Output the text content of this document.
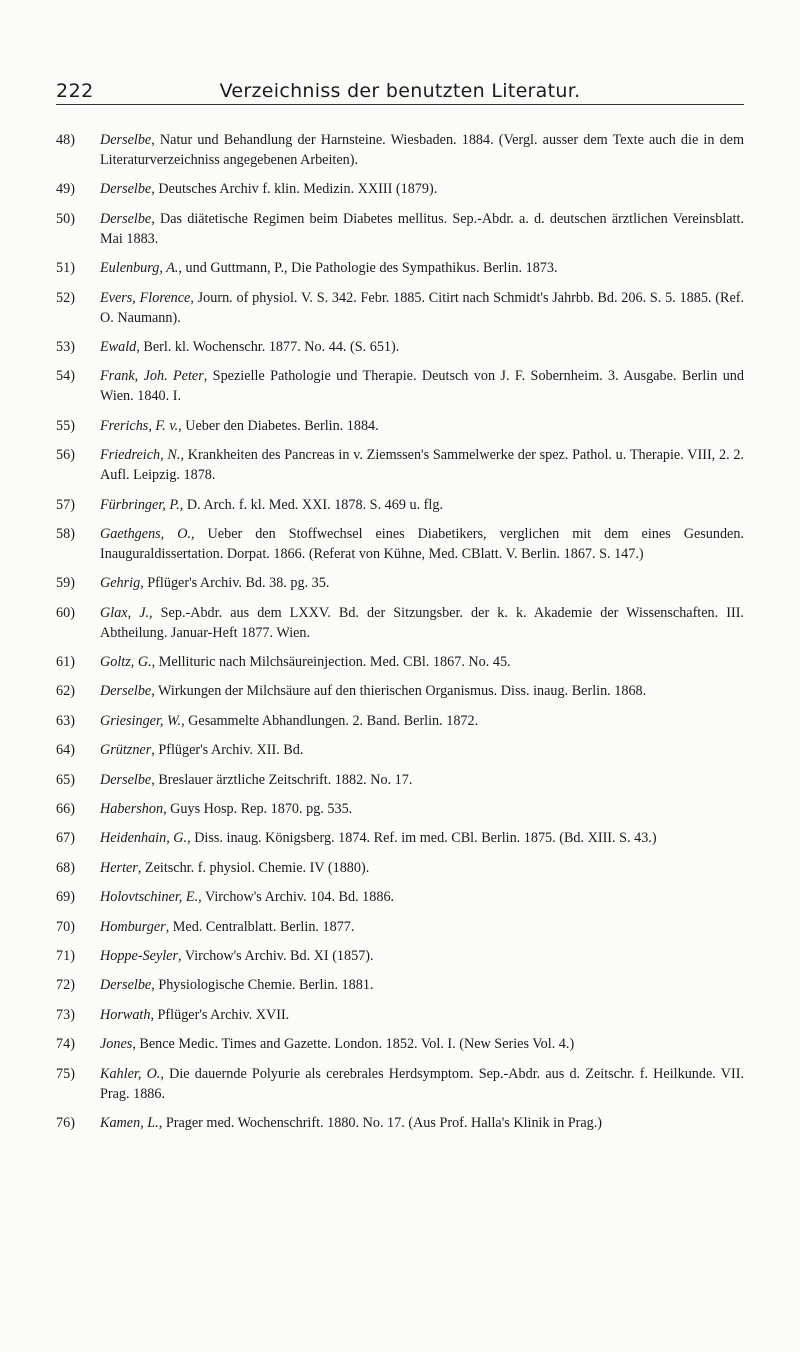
222	Verzeichniss der benutzten Literatur.
48) Derselbe, Natur und Behandlung der Harnsteine. Wiesbaden. 1884. (Vergl. ausser dem Texte auch die in dem Literaturverzeichniss angegebenen Arbeiten).
49) Derselbe, Deutsches Archiv f. klin. Medizin. XXIII (1879).
50) Derselbe, Das diätetische Regimen beim Diabetes mellitus. Sep.-Abdr. a. d. deutschen ärztlichen Vereinsblatt. Mai 1883.
51) Eulenburg, A., und Guttmann, P., Die Pathologie des Sympathikus. Berlin. 1873.
52) Evers, Florence, Journ. of physiol. V. S. 342. Febr. 1885. Citirt nach Schmidt's Jahrbb. Bd. 206. S. 5. 1885. (Ref. O. Naumann).
53) Ewald, Berl. kl. Wochenschr. 1877. No. 44. (S. 651).
54) Frank, Joh. Peter, Spezielle Pathologie und Therapie. Deutsch von J. F. Sobernheim. 3. Ausgabe. Berlin und Wien. 1840. I.
55) Frerichs, F. v., Ueber den Diabetes. Berlin. 1884.
56) Friedreich, N., Krankheiten des Pancreas in v. Ziemssen's Sammelwerke der spez. Pathol. u. Therapie. VIII, 2. 2. Aufl. Leipzig. 1878.
57) Fürbringer, P., D. Arch. f. kl. Med. XXI. 1878. S. 469 u. flg.
58) Gaethgens, O., Ueber den Stoffwechsel eines Diabetikers, verglichen mit dem eines Gesunden. Inauguraldissertation. Dorpat. 1866. (Referat von Kühne, Med. CBlatt. V. Berlin. 1867. S. 147.)
59) Gehrig, Pflüger's Archiv. Bd. 38. pg. 35.
60) Glax, J., Sep.-Abdr. aus dem LXXV. Bd. der Sitzungsber. der k. k. Akademie der Wissenschaften. III. Abtheilung. Januar-Heft 1877. Wien.
61) Goltz, G., Mellituric nach Milchsäureinjection. Med. CBl. 1867. No. 45.
62) Derselbe, Wirkungen der Milchsäure auf den thierischen Organismus. Diss. inaug. Berlin. 1868.
63) Griesinger, W., Gesammelte Abhandlungen. 2. Band. Berlin. 1872.
64) Grützner, Pflüger's Archiv. XII. Bd.
65) Derselbe, Breslauer ärztliche Zeitschrift. 1882. No. 17.
66) Habershon, Guys Hosp. Rep. 1870. pg. 535.
67) Heidenhain, G., Diss. inaug. Königsberg. 1874. Ref. im med. CBl. Berlin. 1875. (Bd. XIII. S. 43.)
68) Herter, Zeitschr. f. physiol. Chemie. IV (1880).
69) Holovtschiner, E., Virchow's Archiv. 104. Bd. 1886.
70) Homburger, Med. Centralblatt. Berlin. 1877.
71) Hoppe-Seyler, Virchow's Archiv. Bd. XI (1857).
72) Derselbe, Physiologische Chemie. Berlin. 1881.
73) Horwath, Pflüger's Archiv. XVII.
74) Jones, Bence Medic. Times and Gazette. London. 1852. Vol. I. (New Series Vol. 4.)
75) Kahler, O., Die dauernde Polyurie als cerebrales Herdsymptom. Sep.-Abdr. aus d. Zeitschr. f. Heilkunde. VII. Prag. 1886.
76) Kamen, L., Prager med. Wochenschrift. 1880. No. 17. (Aus Prof. Halla's Klinik in Prag.)
